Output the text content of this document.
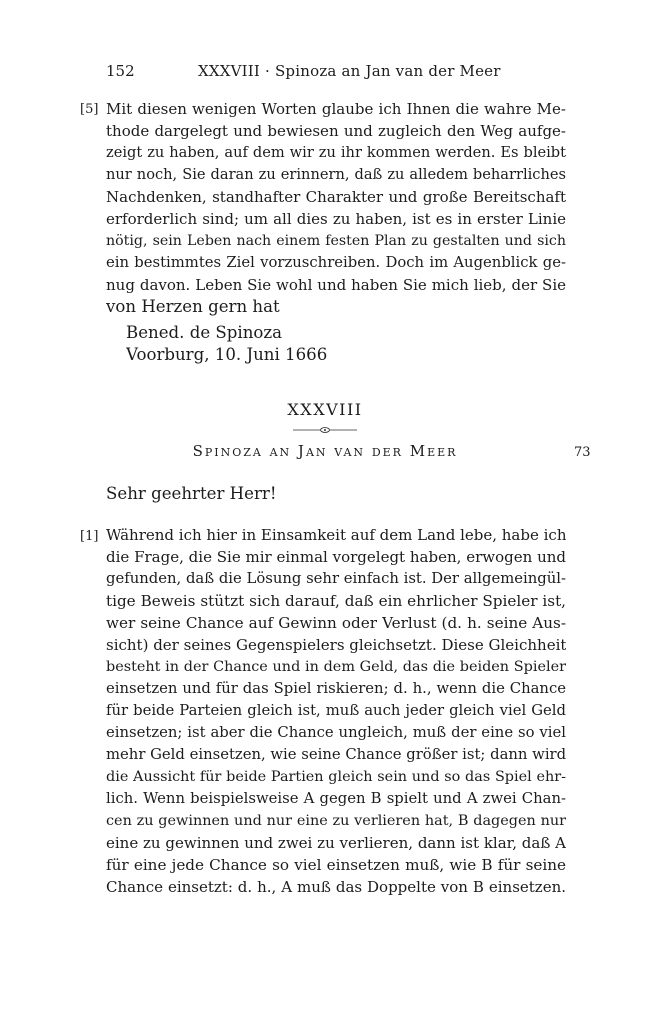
152	XXXVIII · Spinoza an Jan van der Meer
[5] Mit diesen wenigen Worten glaube ich Ihnen die wahre Me-
thode dargelegt und bewiesen und zugleich den Weg aufge-
zeigt zu haben, auf dem wir zu ihr kommen werden. Es bleibt
nur noch, Sie daran zu erinnern, daß zu alledem beharrliches
Nachdenken, standhafter Charakter und große Bereitschaft
erforderlich sind; um all dies zu haben, ist es in erster Linie
nötig, sein Leben nach einem festen Plan zu gestalten und sich
ein bestimmtes Ziel vorzuschreiben. Doch im Augenblick ge-
nug davon. Leben Sie wohl und haben Sie mich lieb, der Sie
von Herzen gern hat
Bened. de Spinoza
Voorburg, 10. Juni 1666
XXXVIII
Spinoza an Jan van der Meer	73
Sehr geehrter Herr!
[1] Während ich hier in Einsamkeit auf dem Land lebe, habe ich
die Frage, die Sie mir einmal vorgelegt haben, erwogen und
gefunden, daß die Lösung sehr einfach ist. Der allgemeingül-
tige Beweis stützt sich darauf, daß ein ehrlicher Spieler ist,
wer seine Chance auf Gewinn oder Verlust (d. h. seine Aus-
sicht) der seines Gegenspielers gleichsetzt. Diese Gleichheit
besteht in der Chance und in dem Geld, das die beiden Spieler
einsetzen und für das Spiel riskieren; d. h., wenn die Chance
für beide Parteien gleich ist, muß auch jeder gleich viel Geld
einsetzen; ist aber die Chance ungleich, muß der eine so viel
mehr Geld einsetzen, wie seine Chance größer ist; dann wird
die Aussicht für beide Partien gleich sein und so das Spiel ehr-
lich. Wenn beispielsweise A gegen B spielt und A zwei Chan-
cen zu gewinnen und nur eine zu verlieren hat, B dagegen nur
eine zu gewinnen und zwei zu verlieren, dann ist klar, daß A
für eine jede Chance so viel einsetzen muß, wie B für seine
Chance einsetzt: d. h., A muß das Doppelte von B einsetzen.
